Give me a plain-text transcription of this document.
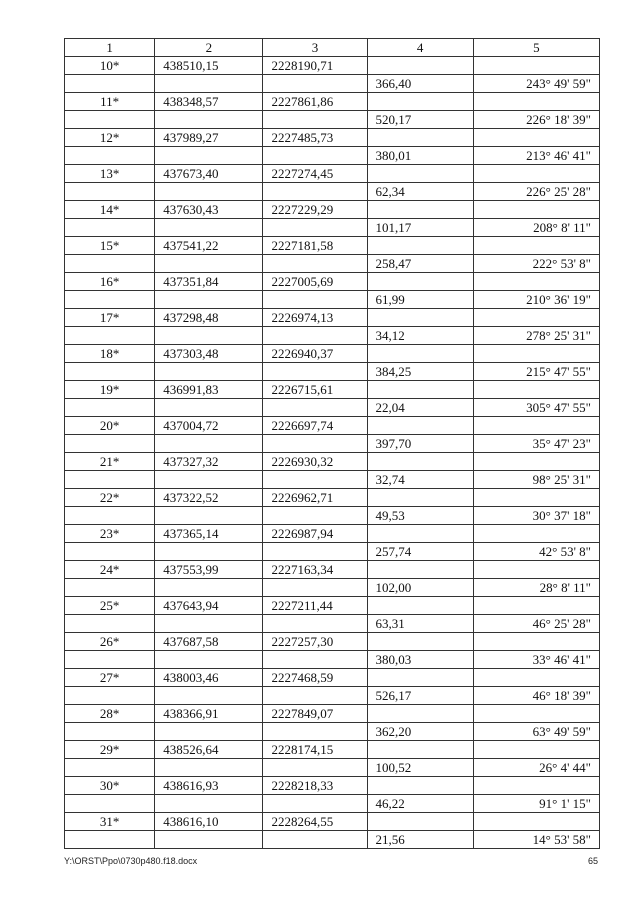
1	2	3	4	5
10*	438510,15	2228190,71		
			366,40	243° 49' 59"
11*	438348,57	2227861,86		
			520,17	226° 18' 39"
12*	437989,27	2227485,73		
			380,01	213° 46' 41"
13*	437673,40	2227274,45		
			62,34	226° 25' 28"
14*	437630,43	2227229,29		
			101,17	208° 8' 11"
15*	437541,22	2227181,58		
			258,47	222° 53' 8"
16*	437351,84	2227005,69		
			61,99	210° 36' 19"
17*	437298,48	2226974,13		
			34,12	278° 25' 31"
18*	437303,48	2226940,37		
			384,25	215° 47' 55"
19*	436991,83	2226715,61		
			22,04	305° 47' 55"
20*	437004,72	2226697,74		
			397,70	35° 47' 23"
21*	437327,32	2226930,32		
			32,74	98° 25' 31"
22*	437322,52	2226962,71		
			49,53	30° 37' 18"
23*	437365,14	2226987,94		
			257,74	42° 53' 8"
24*	437553,99	2227163,34		
			102,00	28° 8' 11"
25*	437643,94	2227211,44		
			63,31	46° 25' 28"
26*	437687,58	2227257,30		
			380,03	33° 46' 41"
27*	438003,46	2227468,59		
			526,17	46° 18' 39"
28*	438366,91	2227849,07		
			362,20	63° 49' 59"
29*	438526,64	2228174,15		
			100,52	26° 4' 44"
30*	438616,93	2228218,33		
			46,22	91° 1' 15"
31*	438616,10	2228264,55		
			21,56	14° 53' 58"
Y:\ORST\Ppo\0730p480.f18.docx	65
